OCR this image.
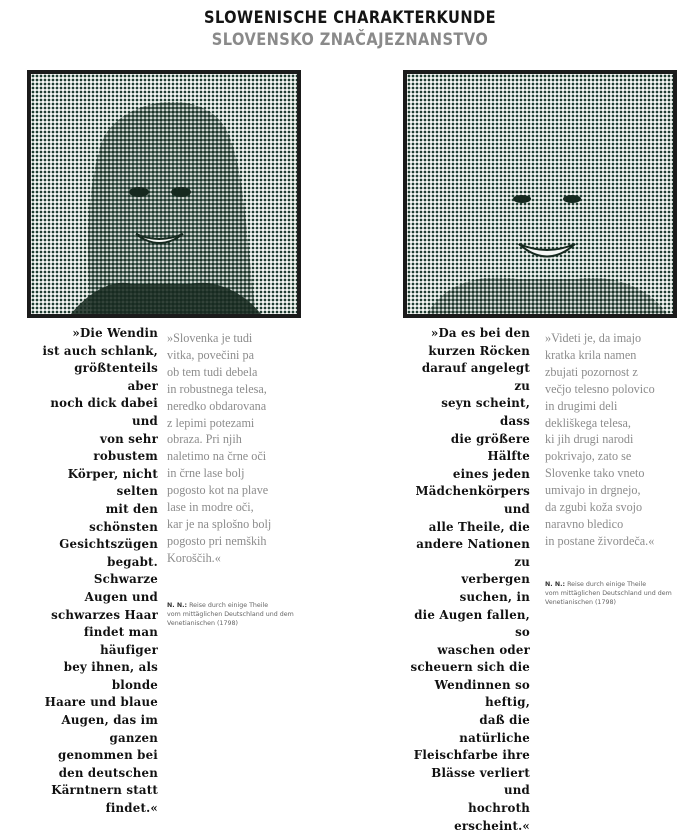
SLOWENISCHE CHARAKTERKUNDE
SLOVENSKO ZNAČAJEZNANSTVO
»Die Wendin
ist auch schlank,
größtenteils aber
noch dick dabei und
von sehr robustem
Körper, nicht selten
mit den schönsten
Gesichtszügen
begabt. Schwarze
Augen und
schwarzes Haar
findet man häufiger
bey ihnen, als blonde
Haare und blaue
Augen, das im
ganzen genommen bei
den deutschen
Kärntnern statt
findet.«
»Slovenka je tudi
vitka, povečini pa
ob tem tudi debela
in robustnega telesa,
neredko obdarovana
z lepimi potezami
obraza. Pri njih
naletimo na črne oči
in črne lase bolj
pogosto kot na plave
lase in modre oči,
kar je na splošno bolj
pogosto pri nemških
Koroščih.«
N. N.: Reise durch einige Theile
vom mittäglichen Deutschland und dem Venetianischen (1798)
»Da es bei den
kurzen Röcken
darauf angelegt zu
seyn scheint, dass
die größere Hälfte
eines jeden
Mädchenkörpers und
alle Theile, die
andere Nationen zu
verbergen suchen, in
die Augen fallen, so
waschen oder
scheuern sich die
Wendinnen so heftig,
daß die natürliche
Fleischfarbe ihre
Blässe verliert und
hochroth erscheint.«
»Videti je, da imajo
kratka krila namen
zbujati pozornost z
večjo telesno polovico
in drugimi deli
dekliškega telesa,
ki jih drugi narodi
pokrivajo, zato se
Slovenke tako vneto
umivajo in drgnejo,
da zgubi koža svojo
naravno bledico
in postane živordeča.«
N. N.: Reise durch einige Theile
vom mittäglichen Deutschland und dem Venetianischen (1798)
